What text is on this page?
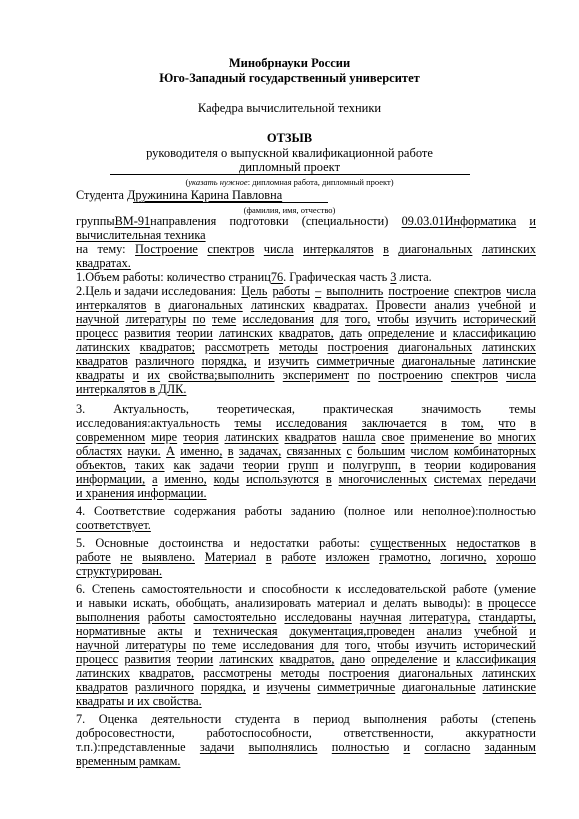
Минобрнауки России
Юго-Западный государственный университет
Кафедра вычислительной техники
ОТЗЫВ
руководителя о выпускной квалификационной работе
дипломный проект
(указать нужное: дипломная работа, дипломный проект)
Студента Дружинина Карина Павловна
(фамилия, имя, отчество)
группыВМ-91направления подготовки (специальности) 09.03.01Информатика и
вычислительная техника
на тему: Построение спектров числа интеркалятов в диагональных латинских
квадратах.
1.Объем работы: количество страниц76. Графическая часть 3 листа.
2.Цель и задачи исследования: Цель работы – выполнить построение спектров числа
интеркалятов в диагональных латинских квадратах. Провести анализ учебной и
научной литературы по теме исследования для того, чтобы изучить исторический
процесс развития теории латинских квадратов, дать определение и классификацию
латинских квадратов; рассмотреть методы построения диагональных латинских
квадратов различного порядка, и изучить симметричные диагональные латинские
квадраты и их свойства;выполнить эксперимент по построению спектров числа
интеркалятов в ДЛК.
3. Актуальность, теоретическая, практическая значимость темы
исследования:актуальность темы исследования заключается в том, что в
современном мире теория латинских квадратов нашла свое применение во многих
областях науки. А именно, в задачах, связанных с большим числом комбинаторных
объектов, таких как задачи теории групп и полугрупп, в теории кодирования
информации, а именно, коды используются в многочисленных системах передачи
и хранения информации.
4. Соответствие содержания работы заданию (полное или неполное):полностью
соответствует.
5. Основные достоинства и недостатки работы: существенных недостатков в
работе не выявлено. Материал в работе изложен грамотно, логично, хорошо
структурирован.
6. Степень самостоятельности и способности к исследовательской работе (умение
и навыки искать, обобщать, анализировать материал и делать выводы): в процессе
выполнения работы самостоятельно исследованы научная литература, стандарты,
нормативные акты и техническая документация,проведен анализ учебной и
научной литературы по теме исследования для того, чтобы изучить исторический
процесс развития теории латинских квадратов, дано определение и классификация
латинских квадратов, рассмотрены методы построения диагональных латинских
квадратов различного порядка, и изучены симметричные диагональные латинские
квадраты и их свойства.
7. Оценка деятельности студента в период выполнения работы (степень
добросовестности,	работоспособности,	ответственности,	аккуратности
т.п.):представленные задачи выполнялись полностью и согласно заданным
временным рамкам.
